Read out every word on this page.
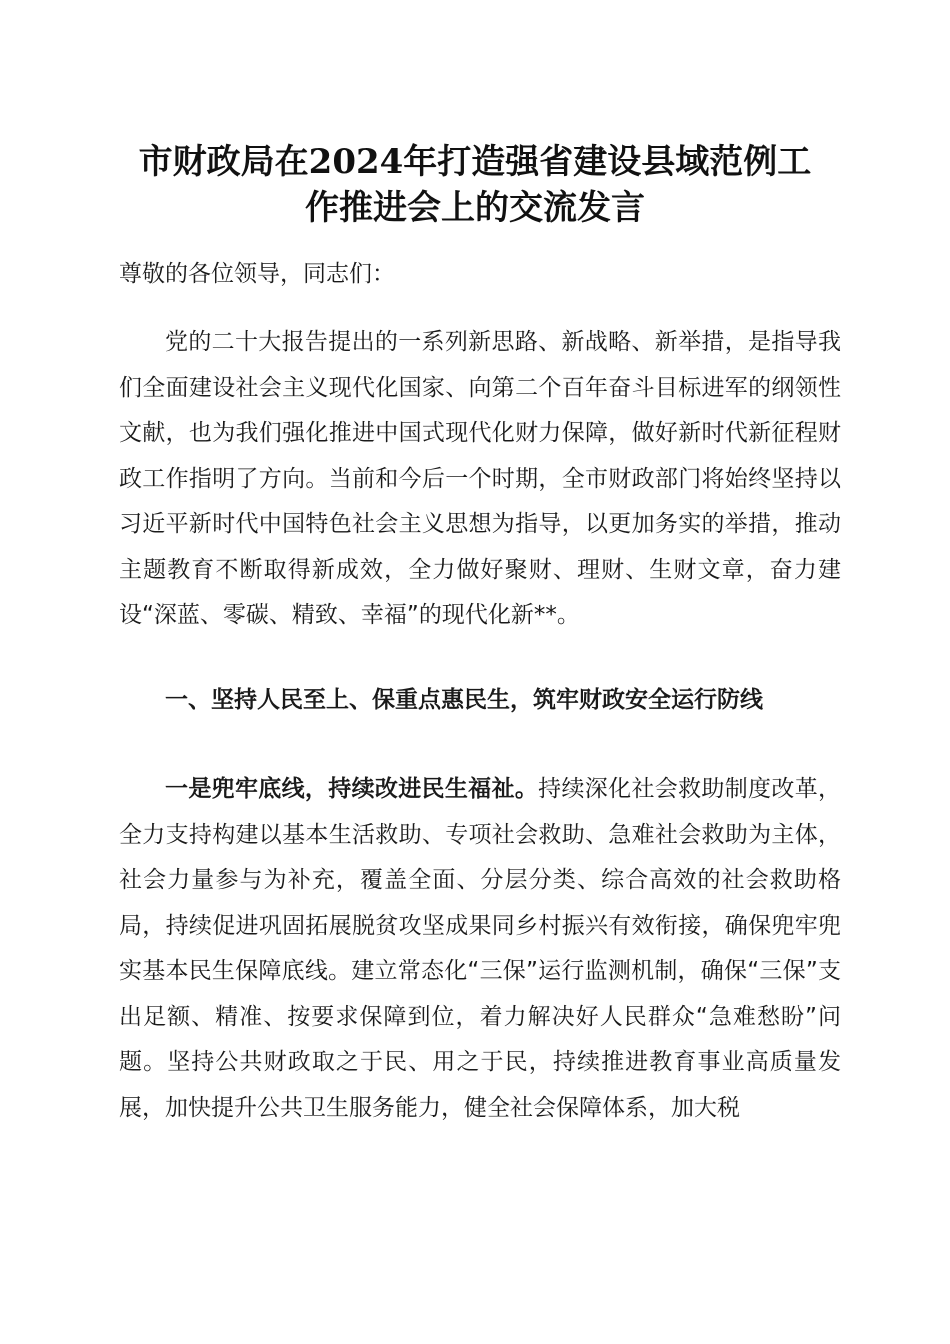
市财政局在2024年打造强省建设县域范例工
作推进会上的交流发言

尊敬的各位领导，同志们：

党的二十大报告提出的一系列新思路、新战略、新举措，是指导我们全面建设社会主义现代化国家、向第二个百年奋斗目标进军的纲领性文献，也为我们强化推进中国式现代化财力保障，做好新时代新征程财政工作指明了方向。当前和今后一个时期，全市财政部门将始终坚持以习近平新时代中国特色社会主义思想为指导，以更加务实的举措，推动主题教育不断取得新成效，全力做好聚财、理财、生财文章，奋力建设“深蓝、零碳、精致、幸福”的现代化新**。

一、坚持人民至上、保重点惠民生，筑牢财政安全运行防线

一是兜牢底线，持续改进民生福祉。持续深化社会救助制度改革，全力支持构建以基本生活救助、专项社会救助、急难社会救助为主体，社会力量参与为补充，覆盖全面、分层分类、综合高效的社会救助格局，持续促进巩固拓展脱贫攻坚成果同乡村振兴有效衔接，确保兜牢兜实基本民生保障底线。建立常态化“三保”运行监测机制，确保“三保”支出足额、精准、按要求保障到位，着力解决好人民群众“急难愁盼”问题。坚持公共财政取之于民、用之于民，持续推进教育事业高质量发展，加快提升公共卫生服务能力，健全社会保障体系，加大税
